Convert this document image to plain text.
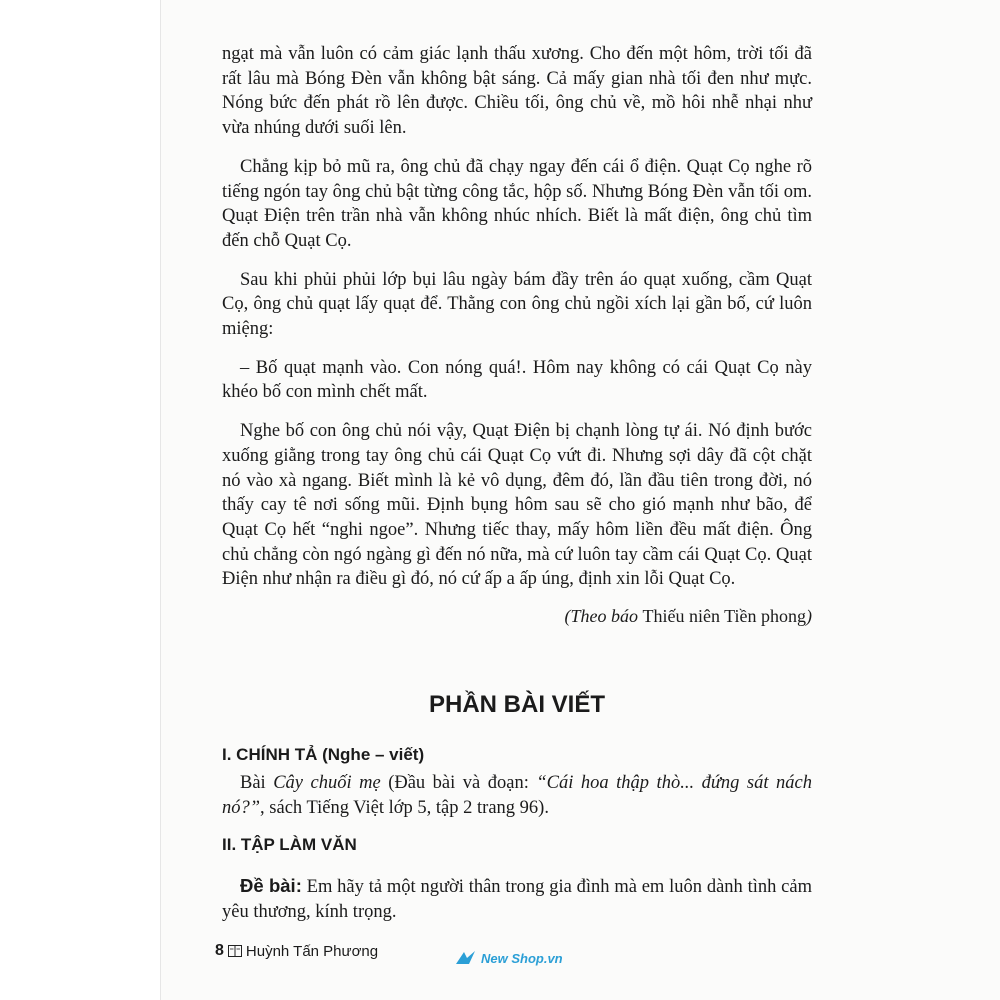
ngạt mà vẫn luôn có cảm giác lạnh thấu xương. Cho đến một hôm, trời tối đã rất lâu mà Bóng Đèn vẫn không bật sáng. Cả mấy gian nhà tối đen như mực. Nóng bức đến phát rồ lên được. Chiều tối, ông chủ về, mồ hôi nhễ nhại như vừa nhúng dưới suối lên.

Chẳng kịp bỏ mũ ra, ông chủ đã chạy ngay đến cái ổ điện. Quạt Cọ nghe rõ tiếng ngón tay ông chủ bật từng công tắc, hộp số. Nhưng Bóng Đèn vẫn tối om. Quạt Điện trên trần nhà vẫn không nhúc nhích. Biết là mất điện, ông chủ tìm đến chỗ Quạt Cọ.

Sau khi phủi phủi lớp bụi lâu ngày bám đầy trên áo quạt xuống, cầm Quạt Cọ, ông chủ quạt lấy quạt để. Thằng con ông chủ ngồi xích lại gần bố, cứ luôn miệng:

– Bố quạt mạnh vào. Con nóng quá!. Hôm nay không có cái Quạt Cọ này khéo bố con mình chết mất.

Nghe bố con ông chủ nói vậy, Quạt Điện bị chạnh lòng tự ái. Nó định bước xuống giằng trong tay ông chủ cái Quạt Cọ vứt đi. Nhưng sợi dây đã cột chặt nó vào xà ngang. Biết mình là kẻ vô dụng, đêm đó, lần đầu tiên trong đời, nó thấy cay tê nơi sống mũi. Định bụng hôm sau sẽ cho gió mạnh như bão, để Quạt Cọ hết “nghi ngoe”. Nhưng tiếc thay, mấy hôm liền đều mất điện. Ông chủ chẳng còn ngó ngàng gì đến nó nữa, mà cứ luôn tay cầm cái Quạt Cọ. Quạt Điện như nhận ra điều gì đó, nó cứ ấp a ấp úng, định xin lỗi Quạt Cọ.

(Theo báo Thiếu niên Tiền phong)

PHẦN BÀI VIẾT
I. CHÍNH TẢ (Nghe – viết)

Bài Cây chuối mẹ (Đầu bài và đoạn: “Cái hoa thập thò... đứng sát nách nó?”, sách Tiếng Việt lớp 5, tập 2 trang 96).

II. TẬP LÀM VĂN

Đề bài: Em hãy tả một người thân trong gia đình mà em luôn dành tình cảm yêu thương, kính trọng.

8 Huỳnh Tấn Phương	New Shop.vn
